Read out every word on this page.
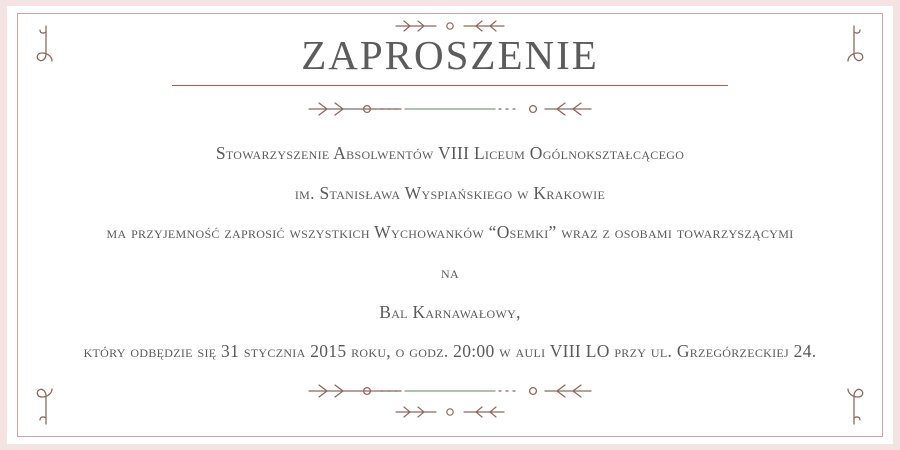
ZAPROSZENIE

Stowarzyszenie Absolwentów VIII Liceum Ogólnokształcącego

im. Stanisława Wyspiańskiego w Krakowie

ma przyjemność zaprosić wszystkich Wychowanków “Osemki” wraz z osobami towarzyszącymi

na

Bal Karnawałowy,

który odbędzie się 31 stycznia 2015 roku, o godz. 20:00 w auli VIII LO przy ul. Grzegórzeckiej 24.
